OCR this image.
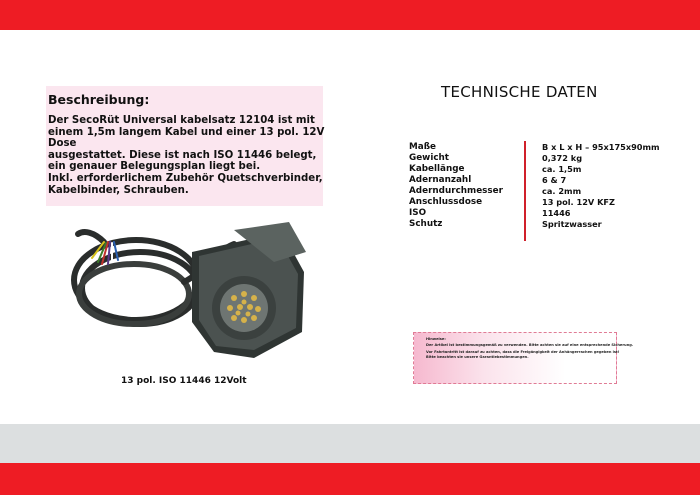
Beschreibung:
Der SecoRüt Universal kabelsatz 12104 ist mit
einem 1,5m langem Kabel und einer 13 pol. 12V Dose
ausgestattet. Diese ist nach ISO 11446 belegt,
ein genauer Belegungsplan liegt bei.
Inkl. erforderlichem Zubehör Quetschverbinder,
Kabelbinder, Schrauben.
13 pol. ISO 11446 12Volt
TECHNISCHE DATEN
Maße	B x L x H – 95x175x90mm
Gewicht	0,372 kg
Kabellänge	ca. 1,5m
Adernanzahl	6 & 7
Aderndurchmesser	ca. 2mm
Anschlussdose	13 pol. 12V KFZ
ISO	11446
Schutz	Spritzwasser
Hinweise:
Der Artikel ist bestimmungsgemäß zu verwenden. Bitte achten sie auf eine entsprechende Sicherung.
Vor Fahrtantritt ist darauf zu achten, dass die Freigängigkeit der Anhängerrachen gegeben ist!
Bitte beachten sie unsere Garantiebestimmungen.
